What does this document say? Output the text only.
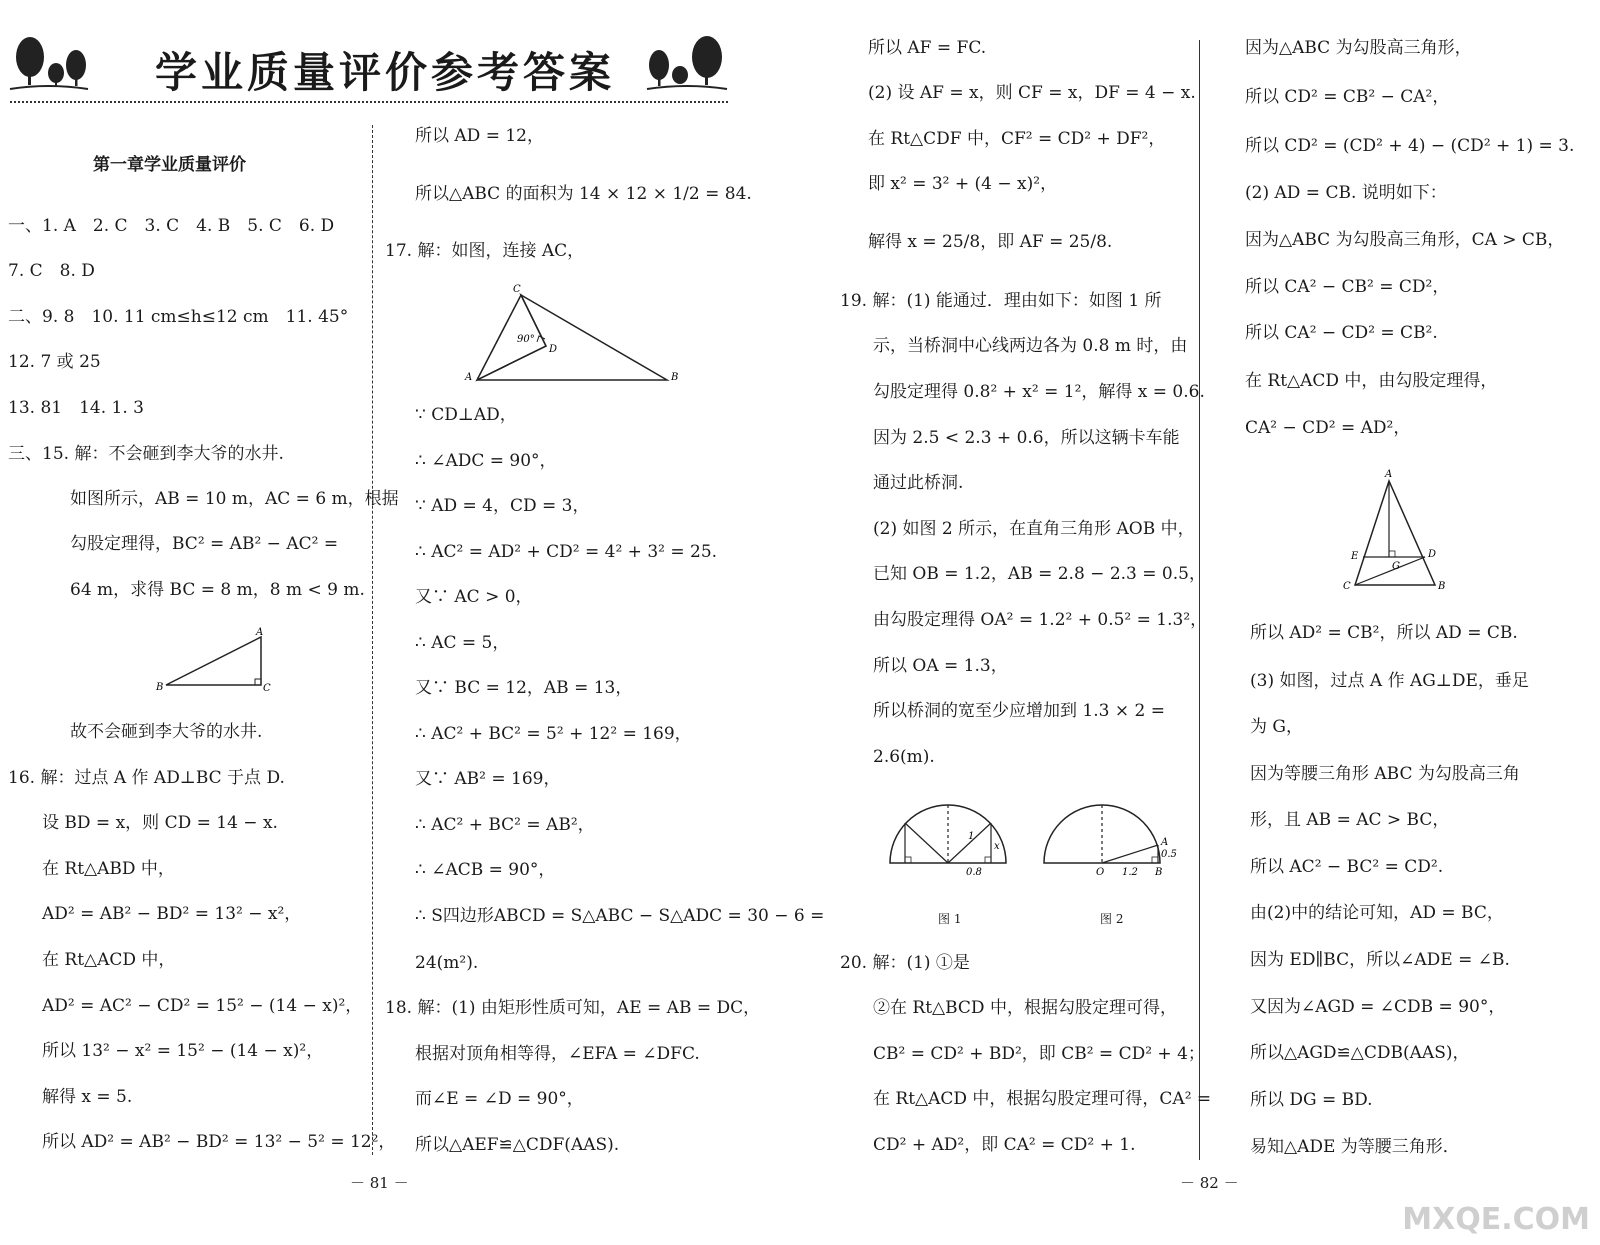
学业质量评价参考答案
第一章学业质量评价
一、1. A　2. C　3. C　4. B　5. C　6. D
7. C　8. D
二、9. 8　10. 11 cm≤h≤12 cm　11. 45°
12. 7 或 25
13. 81　14. 1. 3
三、15. 解：不会砸到李大爷的水井.
如图所示，AB = 10 m，AC = 6 m，根据
勾股定理得，BC² = AB² − AC² =
64 m，求得 BC = 8 m，8 m < 9 m.
A
B	C
故不会砸到李大爷的水井.
16. 解：过点 A 作 AD⊥BC 于点 D.
设 BD = x，则 CD = 14 − x.
在 Rt△ABD 中，
AD² = AB² − BD² = 13² − x²，
在 Rt△ACD 中，
AD² = AC² − CD² = 15² − (14 − x)²，
所以 13² − x² = 15² − (14 − x)²，
解得 x = 5.
所以 AD² = AB² − BD² = 13² − 5² = 12²，
所以 AD = 12，
所以△ABC 的面积为 14 × 12 × 1/2 = 84.
17. 解：如图，连接 AC，
C
D
A	B
90°
∵ CD⊥AD，
∴ ∠ADC = 90°，
∵ AD = 4，CD = 3，
∴ AC² = AD² + CD² = 4² + 3² = 25.
又∵ AC > 0，
∴ AC = 5，
又∵ BC = 12，AB = 13，
∴ AC² + BC² = 5² + 12² = 169，
又∵ AB² = 169，
∴ AC² + BC² = AB²，
∴ ∠ACB = 90°，
∴ S四边形ABCD = S△ABC − S△ADC = 30 − 6 =
24(m²).
18. 解：(1) 由矩形性质可知，AE = AB = DC，
根据对顶角相等得，∠EFA = ∠DFC.
而∠E = ∠D = 90°，
所以△AEF≌△CDF(AAS).
－ 81 －
所以 AF = FC.
(2) 设 AF = x，则 CF = x，DF = 4 − x.
在 Rt△CDF 中，CF² = CD² + DF²，
即 x² = 3² + (4 − x)²，
解得 x = 25/8，即 AF = 25/8.
19. 解：(1) 能通过．理由如下：如图 1 所
示，当桥洞中心线两边各为 0.8 m 时，由
勾股定理得 0.8² + x² = 1²，解得 x = 0.6.
因为 2.5 < 2.3 + 0.6，所以这辆卡车能
通过此桥洞.
(2) 如图 2 所示，在直角三角形 AOB 中，
已知 OB = 1.2，AB = 2.8 − 2.3 = 0.5，
由勾股定理得 OA² = 1.2² + 0.5² = 1.3²，
所以 OA = 1.3，
所以桥洞的宽至少应增加到 1.3 × 2 =
2.6(m).
1
x
0.8
A
0.5
O 1.2 B
图 1	图 2
20. 解：(1) ①是
②在 Rt△BCD 中，根据勾股定理可得，
CB² = CD² + BD²，即 CB² = CD² + 4；
在 Rt△ACD 中，根据勾股定理可得，CA² =
CD² + AD²，即 CA² = CD² + 1.
因为△ABC 为勾股高三角形，
所以 CD² = CB² − CA²，
所以 CD² = (CD² + 4) − (CD² + 1) = 3.
(2) AD = CB. 说明如下：
因为△ABC 为勾股高三角形，CA > CB，
所以 CA² − CB² = CD²，
所以 CA² − CD² = CB².
在 Rt△ACD 中，由勾股定理得，
CA² − CD² = AD²，
A
E	D
G
C	B
所以 AD² = CB²，所以 AD = CB.
(3) 如图，过点 A 作 AG⊥DE，垂足
为 G，
因为等腰三角形 ABC 为勾股高三角
形，且 AB = AC > BC，
所以 AC² − BC² = CD².
由(2)中的结论可知，AD = BC，
因为 ED∥BC，所以∠ADE = ∠B.
又因为∠AGD = ∠CDB = 90°，
所以△AGD≌△CDB(AAS)，
所以 DG = BD.
易知△ADE 为等腰三角形．
－ 82 －
MXQE.COM
